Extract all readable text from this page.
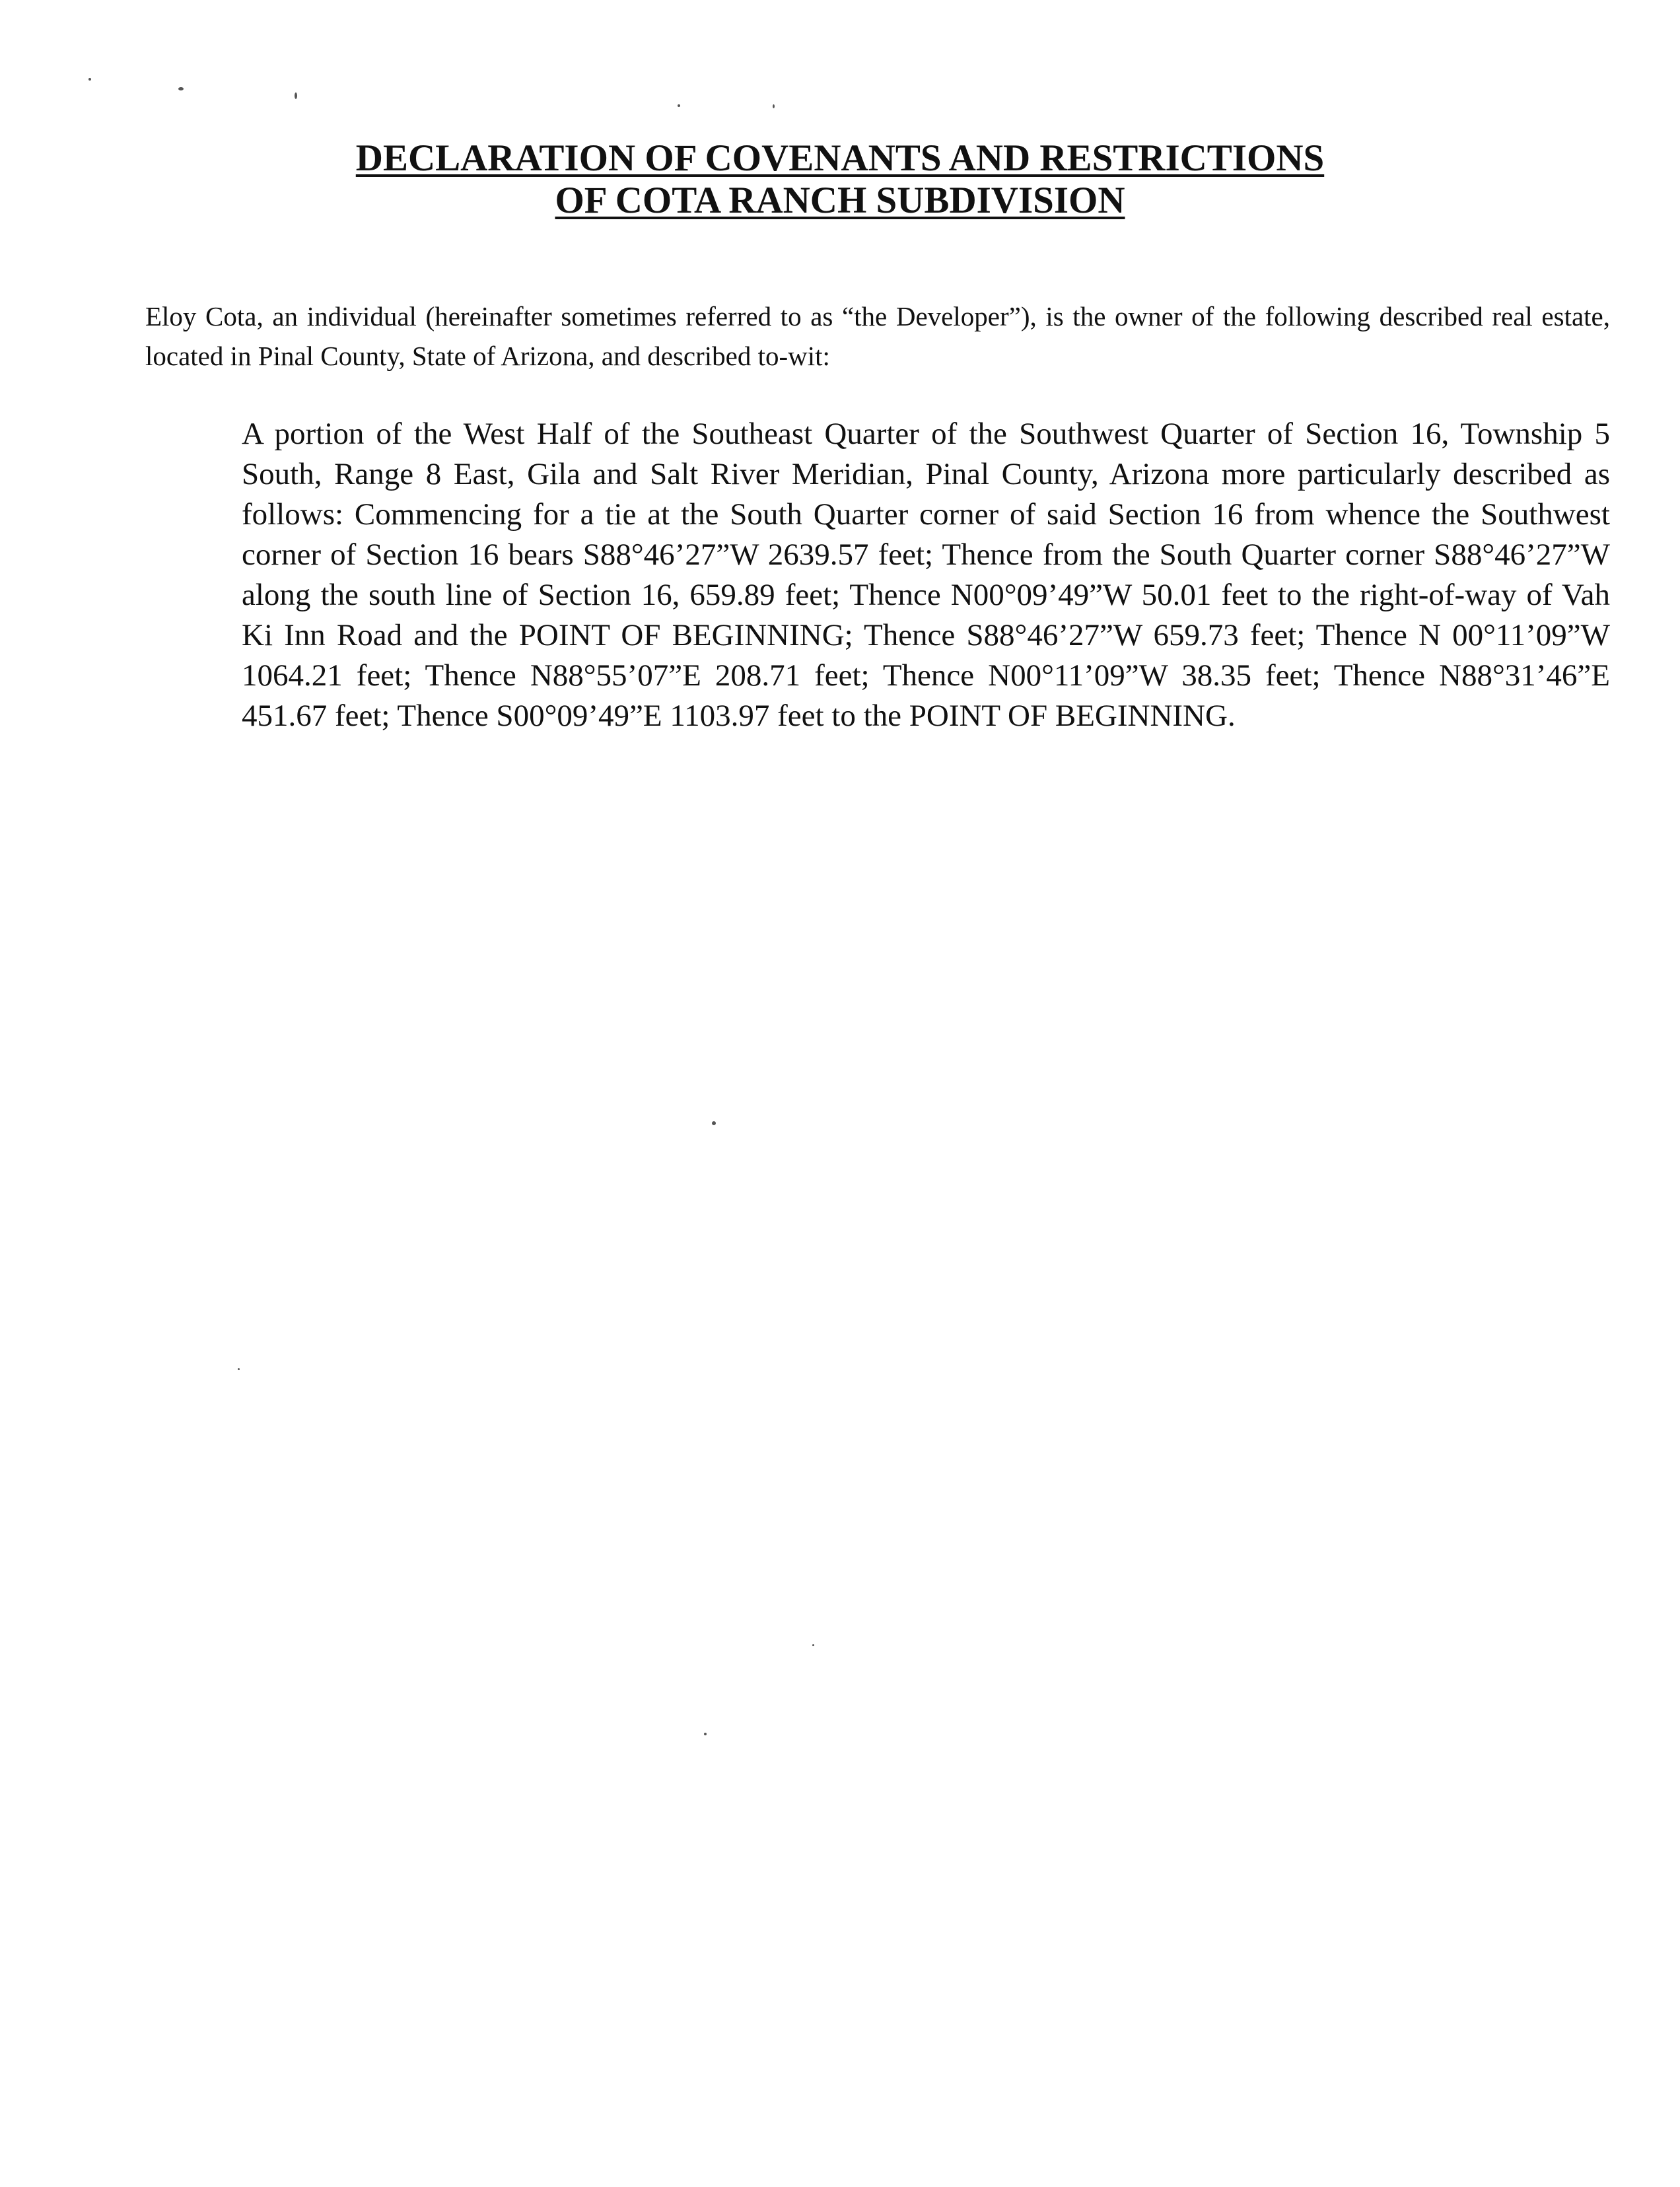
DECLARATION OF COVENANTS AND RESTRICTIONS
OF COTA RANCH SUBDIVISION

Eloy Cota, an individual (hereinafter sometimes referred to as “the Developer”), is the owner of the following described real estate, located in Pinal County, State of Arizona, and described to-wit:

A portion of the West Half of the Southeast Quarter of the Southwest Quarter of Section 16, Township 5 South, Range 8 East, Gila and Salt River Meridian, Pinal County, Arizona more particularly described as follows: Commencing for a tie at the South Quarter corner of said Section 16 from whence the Southwest corner of Section 16 bears S88°46’27”W 2639.57 feet; Thence from the South Quarter corner S88°46’27”W along the south line of Section 16, 659.89 feet; Thence N00°09’49”W 50.01 feet to the right-of-way of Vah Ki Inn Road and the POINT OF BEGINNING; Thence S88°46’27”W 659.73 feet; Thence N 00°11’09”W 1064.21 feet; Thence N88°55’07”E 208.71 feet; Thence N00°11’09”W 38.35 feet; Thence N88°31’46”E 451.67 feet; Thence S00°09’49”E 1103.97 feet to the POINT OF BEGINNING.
